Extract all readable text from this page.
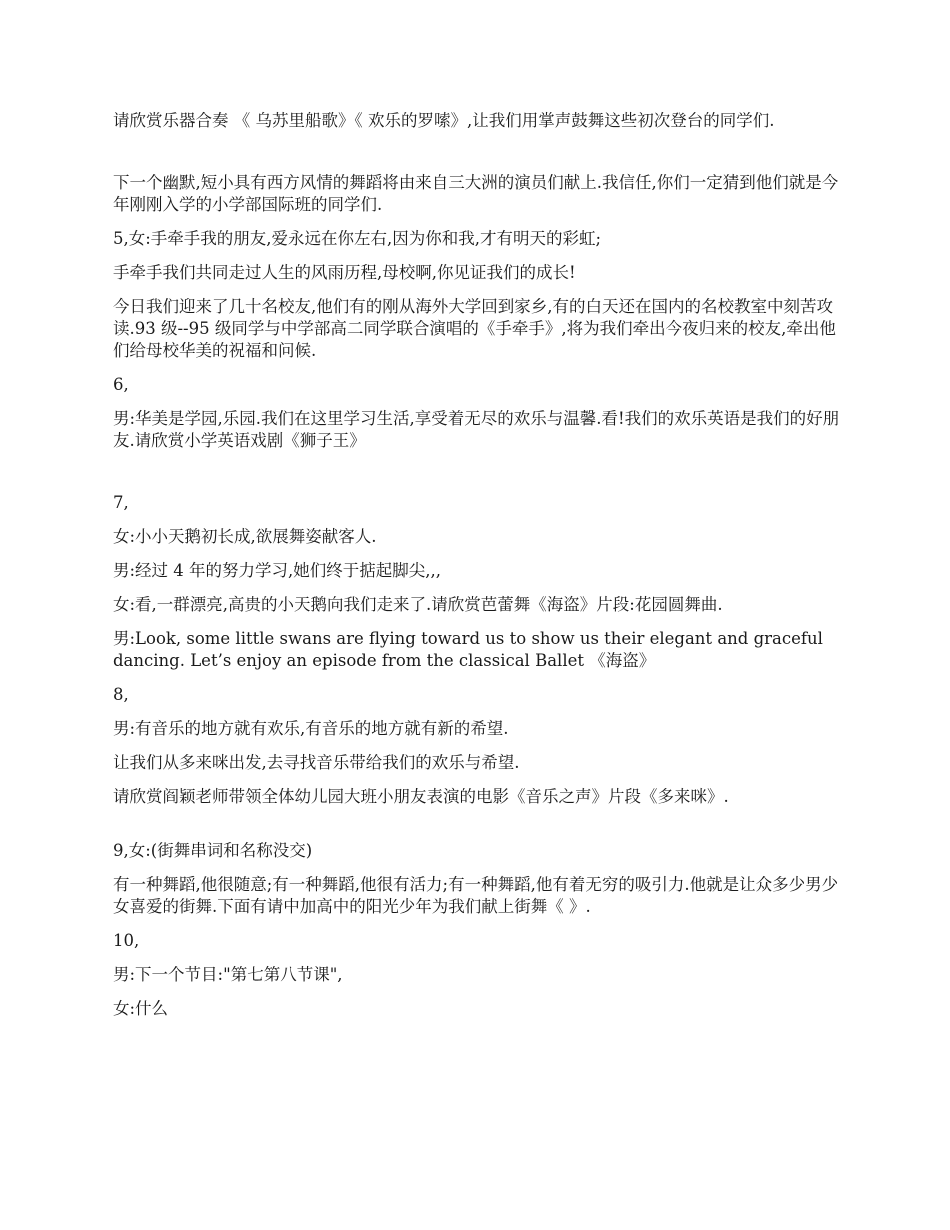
请欣赏乐器合奏 《 乌苏里船歌》《 欢乐的罗嗦》,让我们用掌声鼓舞这些初次登台的同学们.

下一个幽默,短小具有西方风情的舞蹈将由来自三大洲的演员们献上.我信任,你们一定猜到他们就是今年刚刚入学的小学部国际班的同学们.

5,女:手牵手我的朋友,爱永远在你左右,因为你和我,才有明天的彩虹;

手牵手我们共同走过人生的风雨历程,母校啊,你见证我们的成长!

今日我们迎来了几十名校友,他们有的刚从海外大学回到家乡,有的白天还在国内的名校教室中刻苦攻读.93 级--95 级同学与中学部高二同学联合演唱的《手牵手》,将为我们牵出今夜归来的校友,牵出他们给母校华美的祝福和问候.

6,

男:华美是学园,乐园.我们在这里学习生活,享受着无尽的欢乐与温馨.看!我们的欢乐英语是我们的好朋友.请欣赏小学英语戏剧《狮子王》

7,

女:小小天鹅初长成,欲展舞姿献客人.

男:经过 4 年的努力学习,她们终于掂起脚尖,,,

女:看,一群漂亮,高贵的小天鹅向我们走来了.请欣赏芭蕾舞《海盗》片段:花园圆舞曲.

男:Look, some little swans are flying toward us to show us their elegant and graceful dancing. Let’s enjoy an episode from the classical Ballet 《海盗》

8,

男:有音乐的地方就有欢乐,有音乐的地方就有新的希望.

让我们从多来咪出发,去寻找音乐带给我们的欢乐与希望.

请欣赏阎颖老师带领全体幼儿园大班小朋友表演的电影《音乐之声》片段《多来咪》.

9,女:(街舞串词和名称没交)

有一种舞蹈,他很随意;有一种舞蹈,他很有活力;有一种舞蹈,他有着无穷的吸引力.他就是让众多少男少女喜爱的街舞.下面有请中加高中的阳光少年为我们献上街舞《 》.

10,

男:下一个节目:"第七第八节课",

女:什么
